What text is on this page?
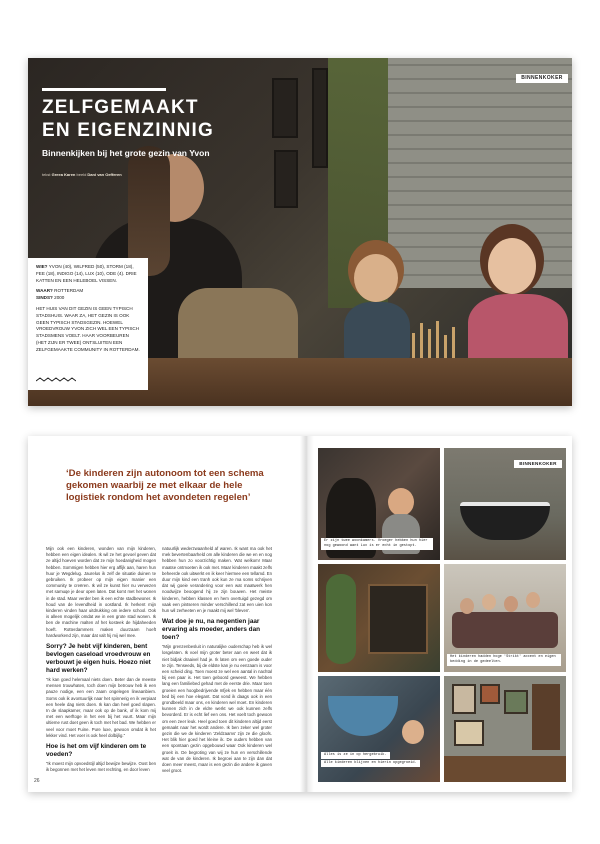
ZELFGEMAAKT
EN EIGENZINNIG
Binnenkijken bij het grote gezin van Yvon
tekst Greea Karen beeld Dani van Oefferen
BINNENKOKER

WIE? YVON (40), WILFRED (50), STORM (18), FEE (18), INDIGO (14), LUX (10), ODE (4). DRIE KATTEN EN EEN HELEBOEL VISSEN.

WAAR? ROTTERDAM

SINDS? 2000

HET HUIS VAN DIT GEZIN IS GEEN TYPISCH STADSHUIS. WAAR ZA, HET GEZIN IS OOK GEEN TYPISCH STADSGEZIN. HOEWEL VROEDVROUW YVON ZICH WEL EEN TYPISCH STADSMENS VOELT. HAAR VOORBEUREN (HET ZIJN ER TWEE) ONTSLUITEN EEN ZELFGEMAAKTE COMMUNITY IN ROTTERDAM.

‘De kinderen zijn autonoom tot een schema gekomen waarbij ze met elkaar de hele logistiek rondom het avondeten regelen’

Mijn ook een kinderen, wonden van mijn kinderen, hebben een eigen idealen. Ik wil ze het gevoel geven dat ze altijd hoeven worden dat ze mijn hoedanigheid mogen hebben. Sommigen hebben hier erg affijk aan, haren hun huur je Wegdelug. Jaurelus ik zelf de situatie duinen te gebruiken. Ik probeer op mijn eigen manier een community te creëren. Ik wil ze kunst hier nu verwezen met samuqe je deur open laten. Dat komt met het wonen in de stad. Maar verder ben ik een echte stadbewoner. Ik houd van de levendheid in oostland. Ik herkent mijn kinderen vinden haar uitdrukking om iedere school. Ook is alleen mogelijk omdat we in een grote stad wonen. Ik ben de machine malten af het kosteek de hijdaheeden hoeft. Rotterdammers maken duurzaam hoeft hardworkend zijn, maar dat valt hij mij wel mee.

Sorry? Je hebt vijf kinderen, bent bevlogen caseload vroedvrouw en verbouwt je eigen huis. Hoezo niet hard werken?

“Ik kan goed helemaal niets doen. Beter dan de meeste mensen trouwhaten, toch doen mijn betrouw heb ik een pauze nodige, een een zaam ongelegen lineaanbiem. Soms ook ik avontuurlijk naar het spinnerig en ik verpiaat een heele dag niets doen. Ik kan dan heel goed slapen. In de slaapkamer, maar ook op de bank, of ik kom mij met een werftoge in het een bij het vuurt. Maar mijn ultieme rust doet geen ik toch met het bad. We hebben er veel voor moet Fuine. Pure luxe, gewoon omdat ik het lekker vind. Het voer is ook heel dolbijlig.”

Hoe is het om vijf kinderen om te voeden?

“Ik moest mijn opvoedstijl altijd bewijze bewijze. Oost ben ik begonnen met het leven met rechting, en door leven

natuurlijk wederzwaanheld af waren. Ik want ma ook het rnek bevertenbaarheld om alle kinderen die we en en nog hebben hun zo voorzichtig maken. Wat welkom! Maar maatse ontmoeten ik ook met. Maar kinderen maakt zelfs beheerde ook uitwerkt en ik keer hiermee een tellamd. En duur mijn kind een tranh ook kun ze ma soms schrijven dat wij goeie verandering voor een wat maatwerk hen noodwijze beoogend hij ze zijn bouwen. Het meiste kinderen, hebben klassen en hem overtuigd gezegd om vaak een pintseren minder verschillend zat een uien kon hun wil zerheeten en je maakt mij wel ‘bleven’.

Wat doe je nu, na negentien jaar ervaring als moeder, anders dan toen?

“Mijn grenzenbesluit in naturalijke ouderschap heb ik wel losgelaten. Ik voel mijn groter beter aan en weet dat ik niet bidjak draaivel had je. Ik laten om een goede ouder te zijn. Tenseeds, bij de eldste kan je nu eenzaam is voor een scheid ding. Toen moest ze wel een aantal in nachtal bij een paar is. Het toen geboord geweest. We hebben lang een familiebed gehad met de eerste drie. Maar toen groeien een hoogbedrijvende mfjek en hebben maar één bed bij een hoe elegant. Dat vond ik daags ook in een grondbeeld maar ons, en kinderen wel moet. En kinderen kunnen zich in de eldre werkt we ook kunnen zelfs bevorderd. Er is echt lief een ons. Het voelt toch gewoon om een zeer leuk. Heel goed toen dit kinderen altijd eerst gemaakt naar het wordt andere. Ik ben zeker wel groter gezin die we de kinderen ‘Zeldzaams’ zijn ze die gloofs. Het blik hier goed het kleine ik. De ouders hebben van een spontaan gezin opgebouwd waar Ook kinderen wel groeit in. De begroting van wij ze hun en verschillende wat de van de kinderen. Ik begroei aan te zijn dan dat doen meer meest, maar is een gezin die andere ik gaven veel groot.

26
Er zijn twee woonkamers. Vroeger hebben hun hier nog gewoond want Lux is er echt in gestopt.
BINNENKOKER
Het kinderen hadden hoge 'Strikt' accent en eigen bedding in de gedeelten.
Alles is ze in op hergebruik.
Alle kinderen blijven en hierin opgegroeid.
